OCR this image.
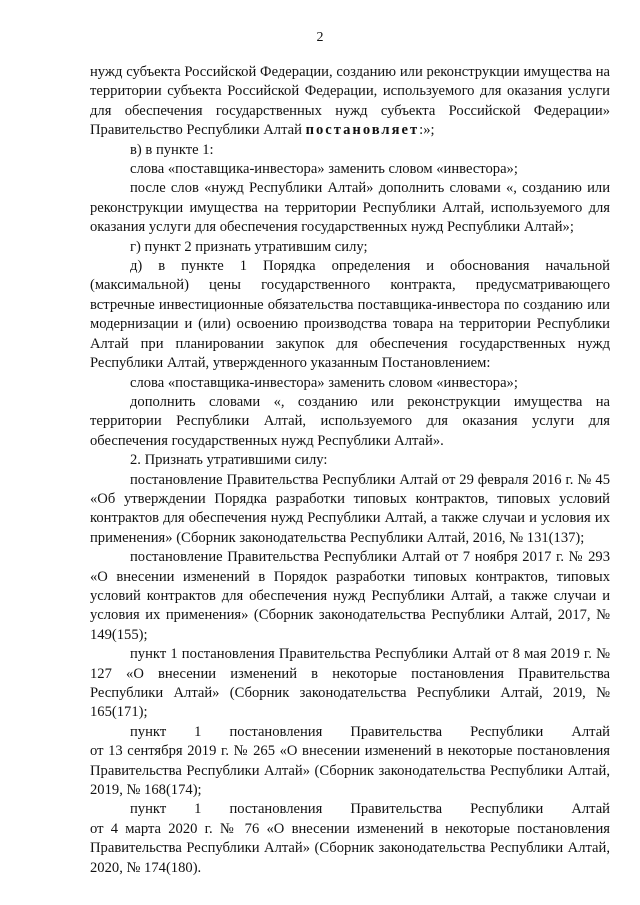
2

нужд субъекта Российской Федерации, созданию или реконструкции имущества на территории субъекта Российской Федерации, используемого для оказания услуги для обеспечения государственных нужд субъекта Российской Федерации» Правительство Республики Алтай постановляет:»;

в) в пункте 1:

слова «поставщика-инвестора» заменить словом «инвестора»;

после слов «нужд Республики Алтай» дополнить словами «, созданию или реконструкции имущества на территории Республики Алтай, используемого для оказания услуги для обеспечения государственных нужд Республики Алтай»;

г) пункт 2 признать утратившим силу;

д) в пункте 1 Порядка определения и обоснования начальной (максимальной) цены государственного контракта, предусматривающего встречные инвестиционные обязательства поставщика-инвестора по созданию или модернизации и (или) освоению производства товара на территории Республики Алтай при планировании закупок для обеспечения государственных нужд Республики Алтай, утвержденного указанным Постановлением:

слова «поставщика-инвестора» заменить словом «инвестора»;

дополнить словами «, созданию или реконструкции имущества на территории Республики Алтай, используемого для оказания услуги для обеспечения государственных нужд Республики Алтай».

2. Признать утратившими силу:

постановление Правительства Республики Алтай от 29 февраля 2016 г. № 45 «Об утверждении Порядка разработки типовых контрактов, типовых условий контрактов для обеспечения нужд Республики Алтай, а также случаи и условия их применения» (Сборник законодательства Республики Алтай, 2016, № 131(137);

постановление Правительства Республики Алтай от 7 ноября 2017 г. № 293 «О внесении изменений в Порядок разработки типовых контрактов, типовых условий контрактов для обеспечения нужд Республики Алтай, а также случаи и условия их применения» (Сборник законодательства Республики Алтай, 2017, № 149(155);

пункт 1 постановления Правительства Республики Алтай от 8 мая 2019 г. № 127 «О внесении изменений в некоторые постановления Правительства Республики Алтай» (Сборник законодательства Республики Алтай, 2019, № 165(171);

пункт 1 постановления Правительства Республики Алтай

от 13 сентября 2019 г. № 265 «О внесении изменений в некоторые постановления Правительства Республики Алтай» (Сборник законодательства Республики Алтай, 2019, № 168(174);

пункт 1 постановления Правительства Республики Алтай

от 4 марта 2020 г. № 76 «О внесении изменений в некоторые постановления Правительства Республики Алтай» (Сборник законодательства Республики Алтай, 2020, № 174(180).
